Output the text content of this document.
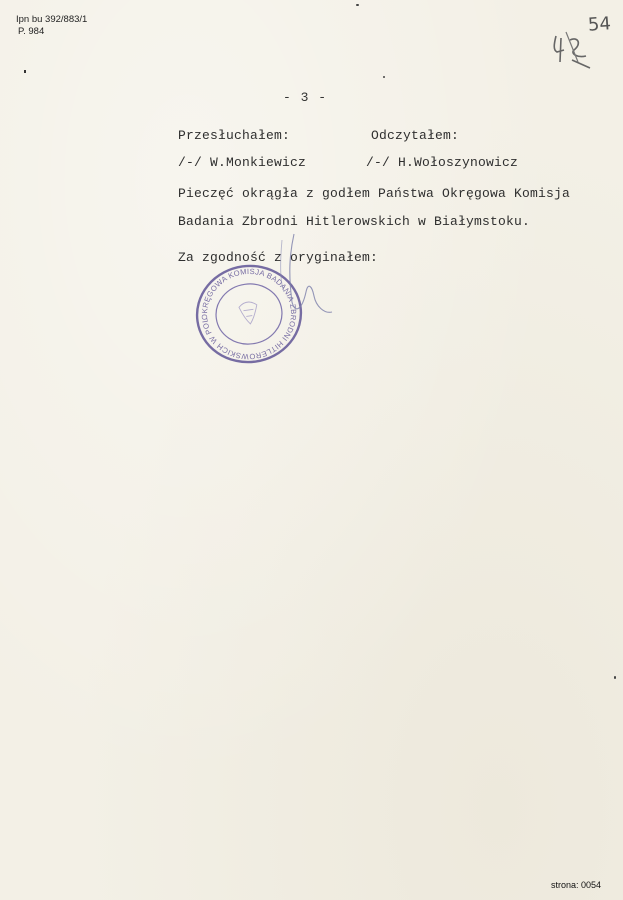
Ipn bu 392/883/1
P. 984	54
- 3 -
Przesłuchałem:	Odczytałem:
/-/ W.Monkiewicz	/-/ H.Wołoszynowicz
Pieczęć okrągła z godłem Państwa Okręgowa Komisja
Badania Zbrodni Hitlerowskich w Białymstoku.
Za zgodność z oryginałem:
OKRĘGOWA KOMISJA BADANIA ZBRODNI HITLEROWSKICH W POLSCE
strona: 0054
